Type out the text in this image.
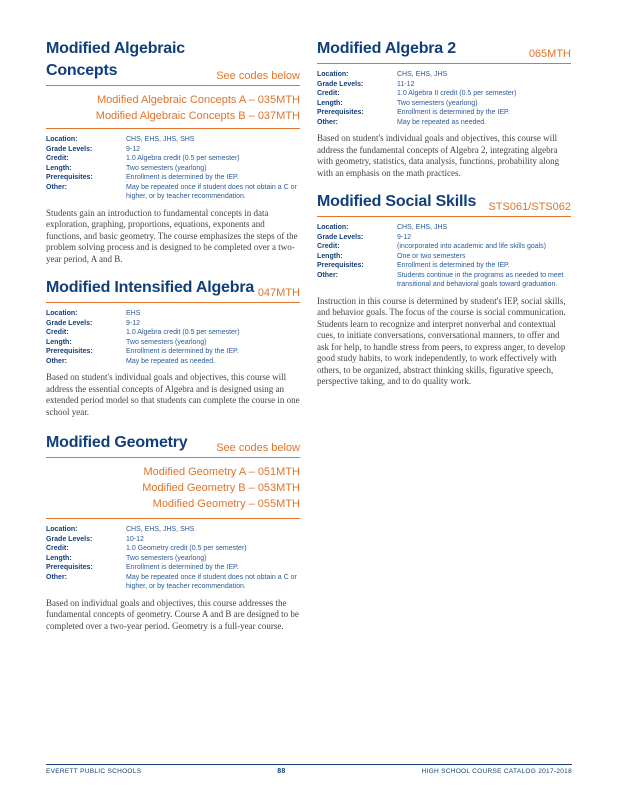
Modified Algebraic
Concepts	See codes below
Modified Algebraic Concepts A – 035MTH
Modified Algebraic Concepts B – 037MTH
Location:	CHS, EHS, JHS, SHS
Grade Levels:	9-12
Credit:	1.0 Algebra credit (0.5 per semester)
Length:	Two semesters (yearlong)
Prerequisites:	Enrollment is determined by the IEP.
Other:	May be repeated once if student does not obtain a C or higher, or by teacher recommendation.

Students gain an introduction to fundamental concepts in data exploration, graphing, proportions, equations, exponents and functions, and basic geometry. The course emphasizes the steps of the problem solving process and is designed to be completed over a two-year period, A and B.

Modified Intensified Algebra 047MTH
Location:	EHS
Grade Levels:	9-12
Credit:	1.0 Algebra credit (0.5 per semester)
Length:	Two semesters (yearlong)
Prerequisites:	Enrollment is determined by the IEP.
Other:	May be repeated as needed.

Based on student's individual goals and objectives, this course will address the essential concepts of Algebra and is designed using an extended period model so that students can complete the course in one school year.

Modified Geometry	See codes below
Modified Geometry A – 051MTH
Modified Geometry B – 053MTH
Modified Geometry – 055MTH
Location:	CHS, EHS, JHS, SHS
Grade Levels:	10-12
Credit:	1.0 Geometry credit (0.5 per semester)
Length:	Two semesters (yearlong)
Prerequisites:	Enrollment is determined by the IEP.
Other:	May be repeated once if student does not obtain a C or higher, or by teacher recommendation.

Based on individual goals and objectives, this course addresses the fundamental concepts of geometry. Course A and B are designed to be completed over a two-year period. Geometry is a full-year course.

Modified Algebra 2	065MTH
Location:	CHS, EHS, JHS
Grade Levels:	11-12
Credit:	1.0 Algebra II credit (0.5 per semester)
Length:	Two semesters (yearlong)
Prerequisites:	Enrollment is determined by the IEP.
Other:	May be repeated as needed.

Based on student's individual goals and objectives, this course will address the fundamental concepts of Algebra 2, integrating algebra with geometry, statistics, data analysis, functions, probability along with an emphasis on the math practices.

Modified Social Skills STS061/STS062
Location:	CHS, EHS, JHS
Grade Levels:	9-12
Credit:	(incorporated into academic and life skills goals)
Length:	One or two semesters
Prerequisites:	Enrollment is determined by the IEP.
Other:	Students continue in the programs as needed to meet transitional and behavioral goals toward graduation.

Instruction in this course is determined by student's IEP, social skills, and behavior goals. The focus of the course is social communication. Students learn to recognize and interpret nonverbal and contextual cues, to initiate conversations, conversational manners, to offer and ask for help, to handle stress from peers, to express anger, to develop good study habits, to work independently, to work effectively with others, to be organized, abstract thinking skills, figurative speech, perspective taking, and to do quality work.

EVERETT PUBLIC SCHOOLS	88	HIGH SCHOOL COURSE CATALOG 2017-2018
